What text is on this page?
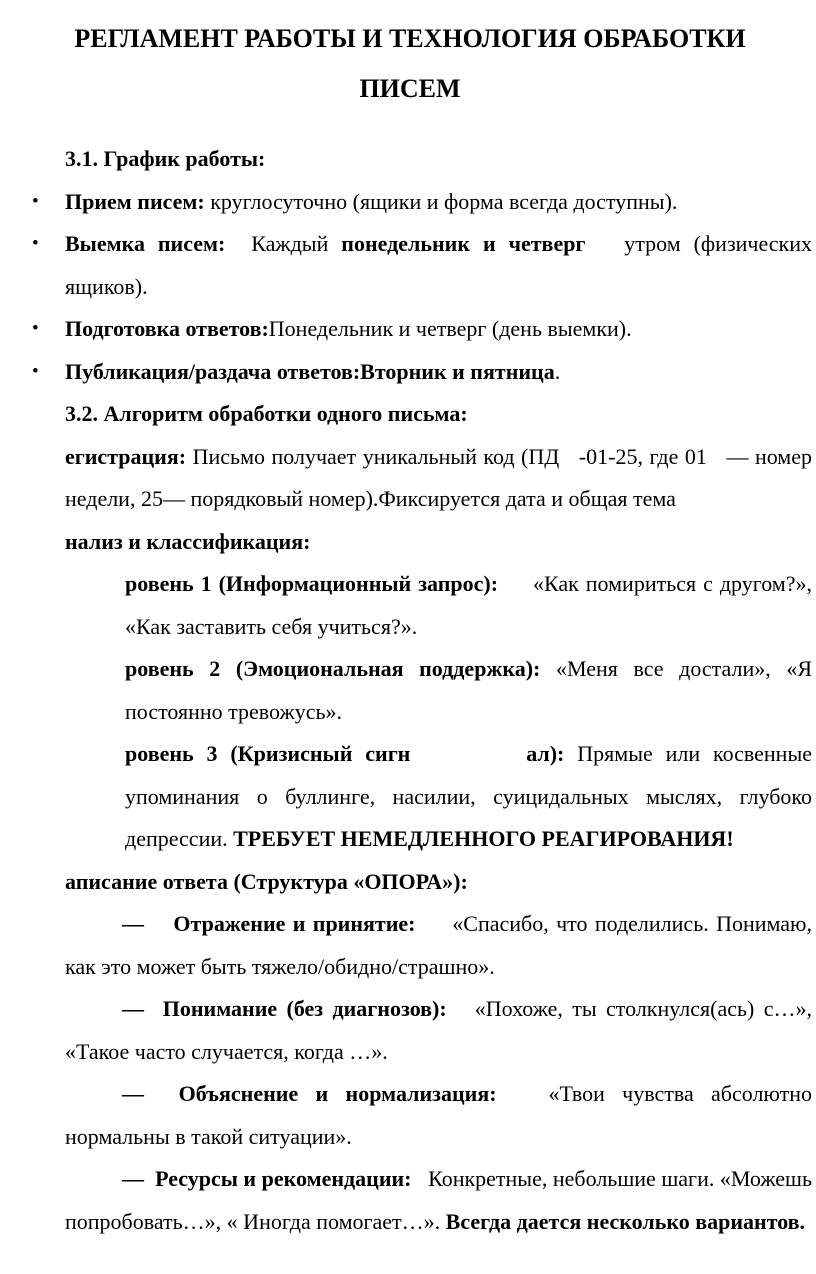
РЕГЛАМЕНТ РАБОТЫ И ТЕХНОЛОГИЯ ОБРАБОТКИ ПИСЕМ
3.1. График работы:
• Прием писем: круглосуточно (ящики и форма всегда доступны).
• Выемка писем:  Каждый понедельник и четверг   утром (физических ящиков).
• Подготовка ответов:Понедельник и четверг (день выемки).
• Публикация/раздача ответов:Вторник и пятница.
3.2. Алгоритм обработки одного письма:
егистрация: Письмо получает уникальный код (ПД   -01-25, где 01   — номер недели, 25— порядковый номер).Фиксируется дата и общая тема
нализ и классификация:
ровень 1 (Информационный запрос):     «Как помириться с другом?», «Как заставить себя учиться?».
ровень 2 (Эмоциональная поддержка): «Меня все достали», «Я постоянно тревожусь».
ровень 3 (Кризисный сигн         ал): Прямые или косвенные упоминания о буллинге, насилии, суицидальных мыслях, глубоко депрессии. ТРЕБУЕТ НЕМЕДЛЕННОГО РЕАГИРОВАНИЯ!
аписание ответа (Структура «ОПОРА»):
—    Отражение и принятие:     «Спасибо, что поделились. Понимаю, как это может быть тяжело/обидно/страшно».
—  Понимание (без диагнозов):   «Похоже, ты столкнулся(ась) с…», «Такое часто случается, когда …».
—  Объяснение и нормализация:   «Твои чувства абсолютно нормальны в такой ситуации».
—  Ресурсы и рекомендации:   Конкретные, небольшие шаги. «Можешь попробовать…», « Иногда помогает…». Всегда дается несколько вариантов.
